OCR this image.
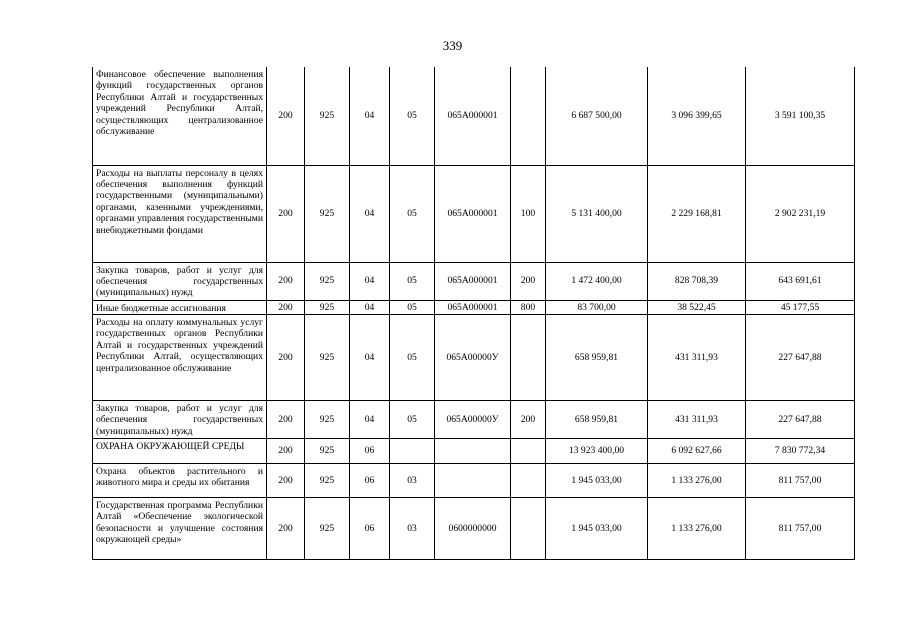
339
Финансовое обеспечение выполнения функций государственных органов Республики Алтай и государственных учреждений Республики Алтай, осуществляющих централизованное обслуживание	200	925	04	05	065А000001		6 687 500,00	3 096 399,65	3 591 100,35
Расходы на выплаты персоналу в целях обеспечения выполнения функций государственными (муниципальными) органами, казенными учреждениями, органами управления государственными внебюджетными фондами	200	925	04	05	065А000001	100	5 131 400,00	2 229 168,81	2 902 231,19
Закупка товаров, работ и услуг для обеспечения государственных (муниципальных) нужд	200	925	04	05	065А000001	200	1 472 400,00	828 708,39	643 691,61
Иные бюджетные ассигнования	200	925	04	05	065А000001	800	83 700,00	38 522,45	45 177,55
Расходы на оплату коммунальных услуг государственных органов Республики Алтай и государственных учреждений Республики Алтай, осуществляющих централизованное обслуживание	200	925	04	05	065А00000У		658 959,81	431 311,93	227 647,88
Закупка товаров, работ и услуг для обеспечения государственных (муниципальных) нужд	200	925	04	05	065А00000У	200	658 959,81	431 311,93	227 647,88
ОХРАНА ОКРУЖАЮЩЕЙ СРЕДЫ	200	925	06				13 923 400,00	6 092 627,66	7 830 772,34
Охрана объектов растительного и животного мира и среды их обитания	200	925	06	03			1 945 033,00	1 133 276,00	811 757,00
Государственная программа Республики Алтай «Обеспечение экологической безопасности и улучшение состояния окружающей среды»	200	925	06	03	0600000000		1 945 033,00	1 133 276,00	811 757,00
